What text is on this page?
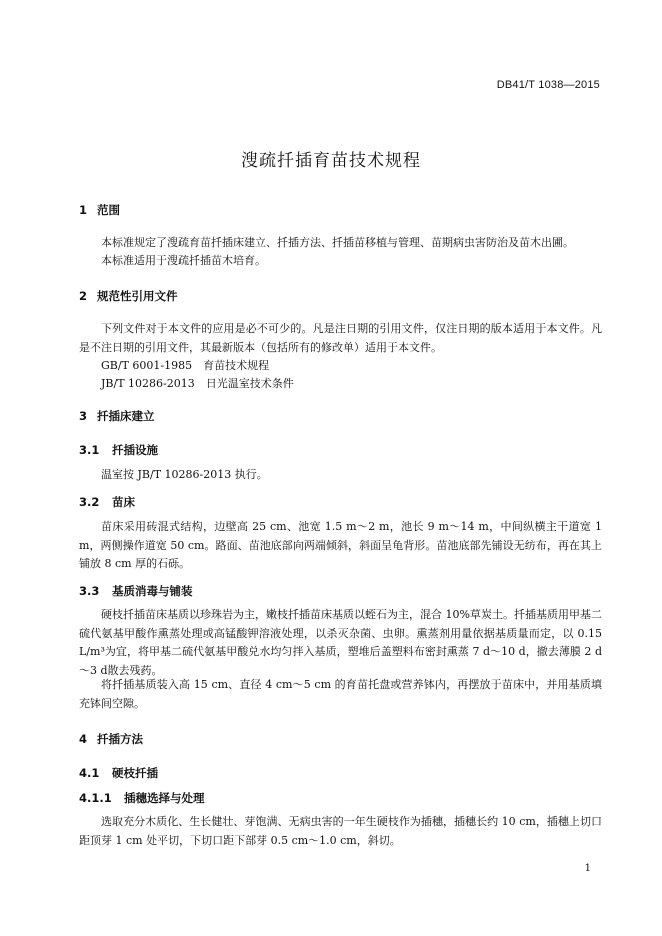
DB41/T 1038—2015
溲疏扦插育苗技术规程
1 范围
本标准规定了溲疏育苗扦插床建立、扦插方法、扦插苗移植与管理、苗期病虫害防治及苗木出圃。
本标准适用于溲疏扦插苗木培育。
2 规范性引用文件
下列文件对于本文件的应用是必不可少的。凡是注日期的引用文件，仅注日期的版本适用于本文件。凡是不注日期的引用文件，其最新版本（包括所有的修改单）适用于本文件。
GB/T 6001-1985　育苗技术规程
JB/T 10286-2013　日光温室技术条件
3 扦插床建立
3.1 扦插设施
温室按 JB/T 10286-2013 执行。
3.2 苗床
苗床采用砖混式结构，边壁高 25 cm、池宽 1.5 m～2 m，池长 9 m～14 m，中间纵横主干道宽 1 m，两侧操作道宽 50 cm。路面、苗池底部向两端倾斜，斜面呈龟背形。苗池底部先铺设无纺布，再在其上铺放 8 cm 厚的石砾。
3.3 基质消毒与铺装
硬枝扦插苗床基质以珍珠岩为主，嫩枝扦插苗床基质以蛭石为主，混合 10%草炭土。扦插基质用甲基二硫代氨基甲酸作熏蒸处理或高锰酸钾溶液处理，以杀灭杂菌、虫卵。熏蒸剂用量依据基质量而定，以 0.15 L/m³为宜，将甲基二硫代氨基甲酸兑水均匀拌入基质，塑堆后盖塑料布密封熏蒸 7 d～10 d，撤去薄膜 2 d～3 d散去残药。
将扦插基质装入高 15 cm、直径 4 cm～5 cm 的育苗托盘或营养钵内，再摆放于苗床中，并用基质填充钵间空隙。
4 扦插方法
4.1 硬枝扦插
4.1.1 插穗选择与处理
选取充分木质化、生长健壮、芽饱满、无病虫害的一年生硬枝作为插穗，插穗长约 10 cm，插穗上切口距顶芽 1 cm 处平切，下切口距下部芽 0.5 cm～1.0 cm，斜切。
1
